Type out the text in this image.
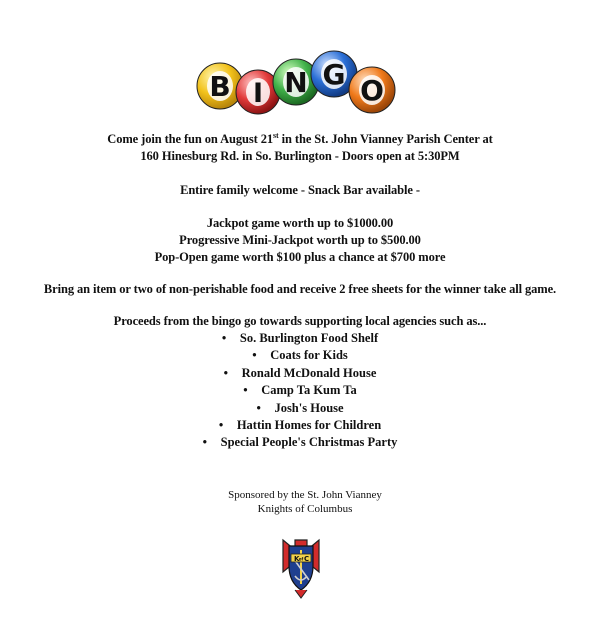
B I N G O
Come join the fun on August 21st in the St. John Vianney Parish Center at
160 Hinesburg Rd. in So. Burlington - Doors open at 5:30PM
Entire family welcome - Snack Bar available -
Jackpot game worth up to $1000.00
Progressive Mini-Jackpot worth up to $500.00
Pop-Open game worth $100 plus a chance at $700 more
Bring an item or two of non-perishable food and receive 2 free sheets for the winner take all game.
Proceeds from the bingo go towards supporting local agencies such as...
• So. Burlington Food Shelf
• Coats for Kids
• Ronald McDonald House
• Camp Ta Kum Ta
• Josh's House
• Hattin Homes for Children
• Special People's Christmas Party
Sponsored by the St. John Vianney
Knights of Columbus
K of C
